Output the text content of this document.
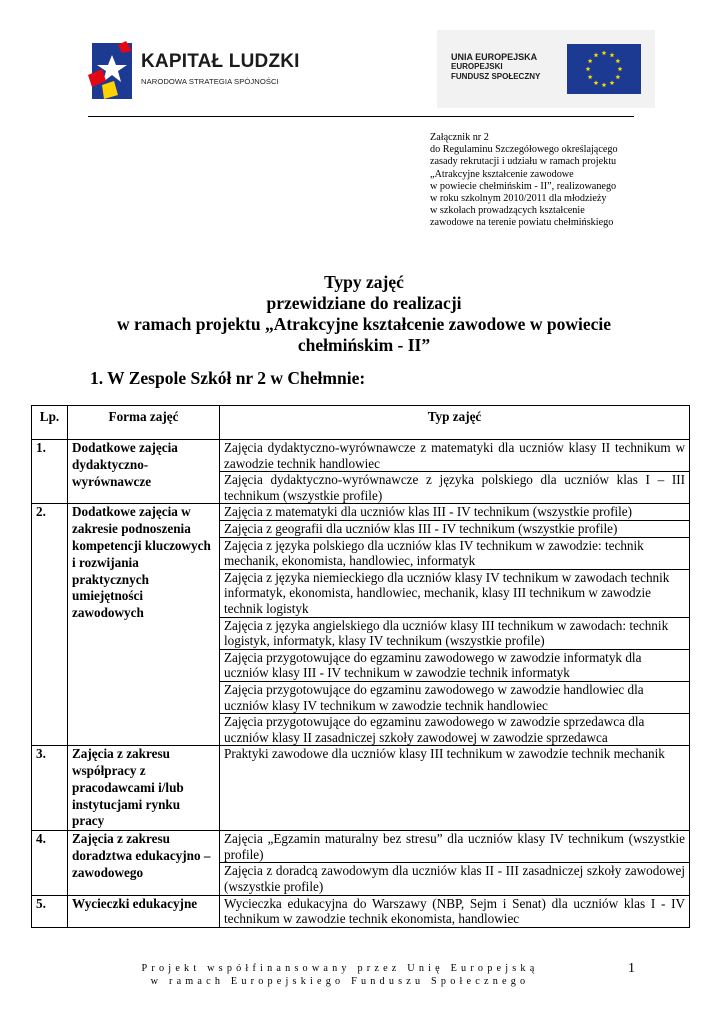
KAPITAŁ LUDZKI
NARODOWA STRATEGIA SPÓJNOŚCI
UNIA EUROPEJSKA
EUROPEJSKI
FUNDUSZ SPOŁECZNY
Załącznik nr 2
do Regulaminu Szczegółowego określającego
zasady rekrutacji i udziału w ramach projektu
„Atrakcyjne kształcenie zawodowe
w powiecie chełmińskim - II”, realizowanego
w roku szkolnym 2010/2011 dla młodzieży
w szkołach prowadzących kształcenie
zawodowe na terenie powiatu chełmińskiego
Typy zajęć
przewidziane do realizacji
w ramach projektu „Atrakcyjne kształcenie zawodowe w powiecie
chełmińskim - II”
1. W Zespole Szkół nr 2 w Chełmnie:
Lp.	Forma zajęć	Typ zajęć
1.	Dodatkowe zajęcia dydaktyczno-wyrównawcze	Zajęcia dydaktyczno-wyrównawcze z matematyki dla uczniów klasy II technikum w zawodzie technik handlowiec
		Zajęcia dydaktyczno-wyrównawcze z języka polskiego dla uczniów klas I – III technikum (wszystkie profile)
2.	Dodatkowe zajęcia w zakresie podnoszenia kompetencji kluczowych i rozwijania praktycznych umiejętności zawodowych	Zajęcia z matematyki dla uczniów klas III - IV technikum (wszystkie profile)
		Zajęcia z geografii dla uczniów klas III - IV technikum (wszystkie profile)
		Zajęcia z języka polskiego dla uczniów klas IV technikum w zawodzie: technik mechanik, ekonomista, handlowiec, informatyk
		Zajęcia z języka niemieckiego dla uczniów klasy IV technikum w zawodach technik informatyk, ekonomista, handlowiec, mechanik, klasy III technikum w zawodzie technik logistyk
		Zajęcia z języka angielskiego dla uczniów klasy III technikum w zawodach: technik logistyk, informatyk, klasy IV technikum (wszystkie profile)
		Zajęcia przygotowujące do egzaminu zawodowego w zawodzie informatyk dla uczniów klasy III - IV technikum w zawodzie technik informatyk
		Zajęcia przygotowujące do egzaminu zawodowego w zawodzie handlowiec dla uczniów klasy IV technikum w zawodzie technik handlowiec
		Zajęcia przygotowujące do egzaminu zawodowego w zawodzie sprzedawca dla uczniów klasy II zasadniczej szkoły zawodowej w zawodzie sprzedawca
3.	Zajęcia z zakresu współpracy z pracodawcami i/lub instytucjami rynku pracy	Praktyki zawodowe dla uczniów klasy III technikum w zawodzie technik mechanik
4.	Zajęcia z zakresu doradztwa edukacyjno – zawodowego	Zajęcia „Egzamin maturalny bez stresu” dla uczniów klasy IV technikum (wszystkie profile)
		Zajęcia z doradcą zawodowym dla uczniów klas II - III zasadniczej szkoły zawodowej (wszystkie profile)
5.	Wycieczki edukacyjne	Wycieczka edukacyjna do Warszawy (NBP, Sejm i Senat) dla uczniów klas I - IV technikum w zawodzie technik ekonomista, handlowiec
Projekt współfinansowany przez Unię Europejską
w ramach Europejskiego Funduszu Społecznego
1
